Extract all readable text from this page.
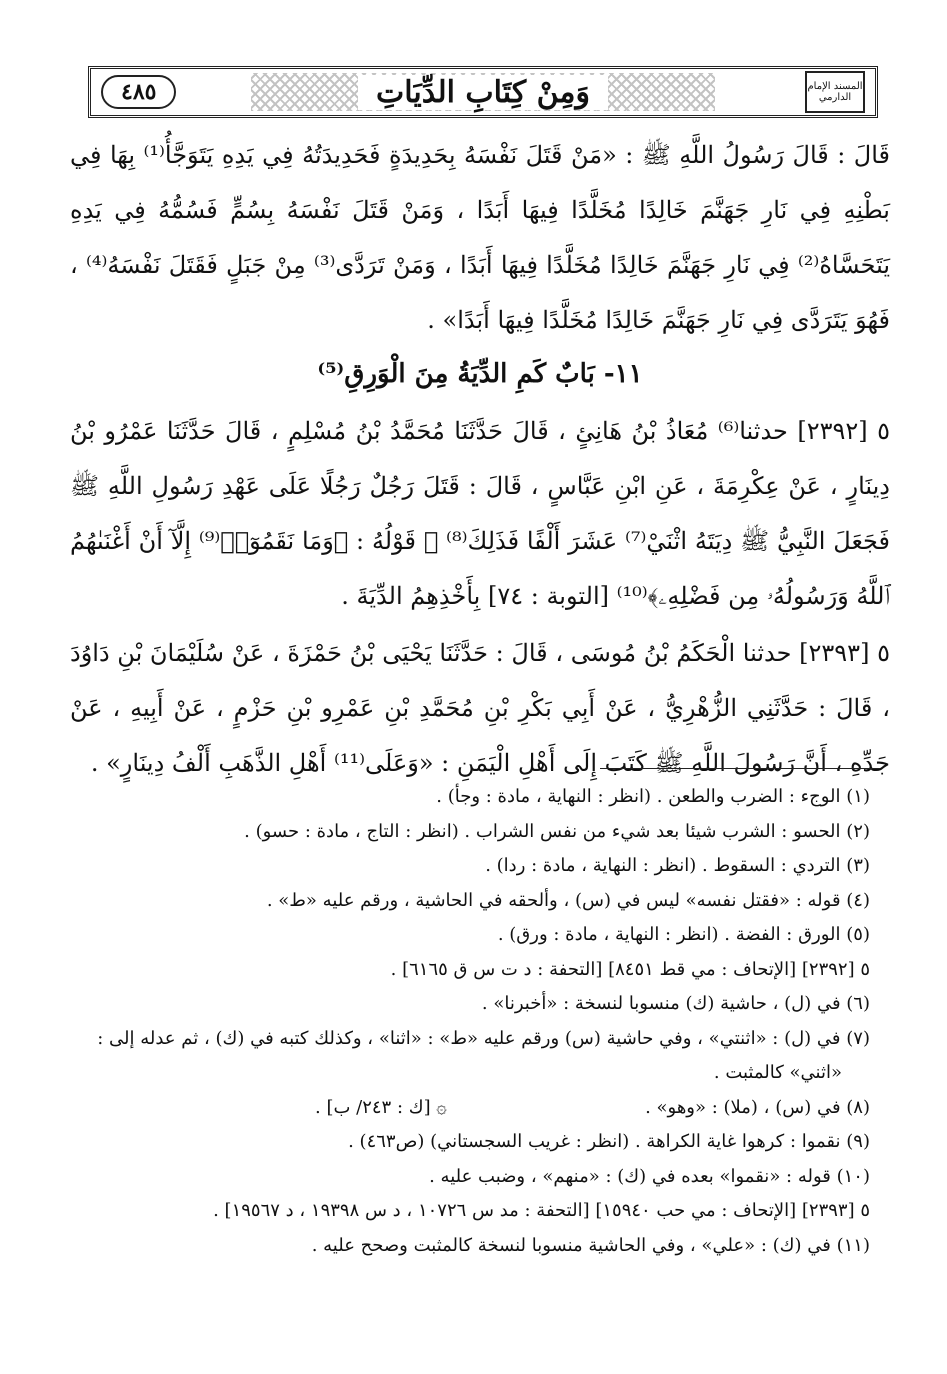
٤٨٥	وَمِنْ كِتَابِ الدِّيَاتِ	المسند الإمام الدارمي

قَالَ : قَالَ رَسُولُ اللَّهِ ﷺ : «مَنْ قَتَلَ نَفْسَهُ بِحَدِيدَةٍ فَحَدِيدَتُهُ فِي يَدِهِ يَتَوَجَّأُ⁽¹⁾ بِهَا فِي بَطْنِهِ فِي نَارِ جَهَنَّمَ خَالِدًا مُخَلَّدًا فِيهَا أَبَدًا ، وَمَنْ قَتَلَ نَفْسَهُ بِسُمٍّ فَسُمُّهُ فِي يَدِهِ يَتَحَسَّاهُ⁽²⁾ فِي نَارِ جَهَنَّمَ خَالِدًا مُخَلَّدًا فِيهَا أَبَدًا ، وَمَنْ تَرَدَّى⁽³⁾ مِنْ جَبَلٍ فَقَتَلَ نَفْسَهُ⁽⁴⁾ ، فَهُوَ يَتَرَدَّى فِي نَارِ جَهَنَّمَ خَالِدًا مُخَلَّدًا فِيهَا أَبَدًا» .

١١- بَابٌ كَمِ الدِّيَةُ مِنَ الْوَرِقِ⁽⁵⁾

٥ [٢٣٩٢] حدثنا⁽⁶⁾ مُعَاذُ بْنُ هَانِئٍ ، قَالَ حَدَّثَنَا مُحَمَّدُ بْنُ مُسْلِمٍ ، قَالَ حَدَّثَنَا عَمْرُو بْنُ دِينَارٍ ، عَنْ عِكْرِمَةَ ، عَنِ ابْنِ عَبَّاسٍ ، قَالَ : قَتَلَ رَجُلٌ رَجُلًا عَلَى عَهْدِ رَسُولِ اللَّهِ ﷺ فَجَعَلَ النَّبِيُّ ﷺ دِيَتَهُ اثْنَيْ⁽⁷⁾ عَشَرَ أَلْفًا فَذَلِكَ⁽⁸⁾ ۞ قَوْلُهُ : ﴿وَمَا نَقَمُوٓا۟⁽⁹⁾ إِلَّآ أَنْ أَغْنَىٰهُمُ ٱللَّهُ وَرَسُولُهُۥ مِن فَضْلِهِۦ﴾⁽¹⁰⁾ [التوبة : ٧٤] بِأَخْذِهِمُ الدِّيَةَ .

٥ [٢٣٩٣] حدثنا الْحَكَمُ بْنُ مُوسَى ، قَالَ : حَدَّثَنَا يَحْيَى بْنُ حَمْزَةَ ، عَنْ سُلَيْمَانَ بْنِ دَاوُدَ ، قَالَ : حَدَّثَنِي الزُّهْرِيُّ ، عَنْ أَبِي بَكْرِ بْنِ مُحَمَّدِ بْنِ عَمْرِو بْنِ حَزْمٍ ، عَنْ أَبِيهِ ، عَنْ جَدِّهِ ، أَنَّ رَسُولَ اللَّهِ ﷺ كَتَبَ إِلَى أَهْلِ الْيَمَنِ : «وَعَلَى⁽¹¹⁾ أَهْلِ الذَّهَبِ أَلْفُ دِينَارٍ» .

(١) الوجء : الضرب والطعن . (انظر : النهاية ، مادة : وجأ) .

(٢) الحسو : الشرب شيئا بعد شيء من نفس الشراب . (انظر : التاج ، مادة : حسو) .

(٣) التردي : السقوط . (انظر : النهاية ، مادة : ردا) .

(٤) قوله : «فقتل نفسه» ليس في (س) ، وألحقه في الحاشية ، ورقم عليه «ط» .

(٥) الورق : الفضة . (انظر : النهاية ، مادة : ورق) .

٥ [٢٣٩٢] [الإتحاف : مي قط ٨٤٥١] [التحفة : د ت س ق ٦١٦٥] .

(٦) في (ل) ، حاشية (ك) منسوبا لنسخة : «أخبرنا» .

(٧) في (ل) : «اثنتي» ، وفي حاشية (س) ورقم عليه «ط» : «اثنا» ، وكذلك كتبه في (ك) ، ثم عدله إلى :
«اثني» كالمثبت .

(٨) في (س) ، (ملا) : «وهو» .
۞ [ك : ٢٤٣/ ب] .

(٩) نقموا : كرهوا غاية الكراهة . (انظر : غريب السجستاني) (ص٤٦٣) .

(١٠) قوله : «نقموا» بعده في (ك) : «منهم» ، وضبب عليه .

٥ [٢٣٩٣] [الإتحاف : مي حب ١٥٩٤٠] [التحفة : مد س ١٠٧٢٦ ، د س ١٩٣٩٨ ، د ١٩٥٦٧] .

(١١) في (ك) : «علي» ، وفي الحاشية منسوبا لنسخة كالمثبت وصحح عليه .
